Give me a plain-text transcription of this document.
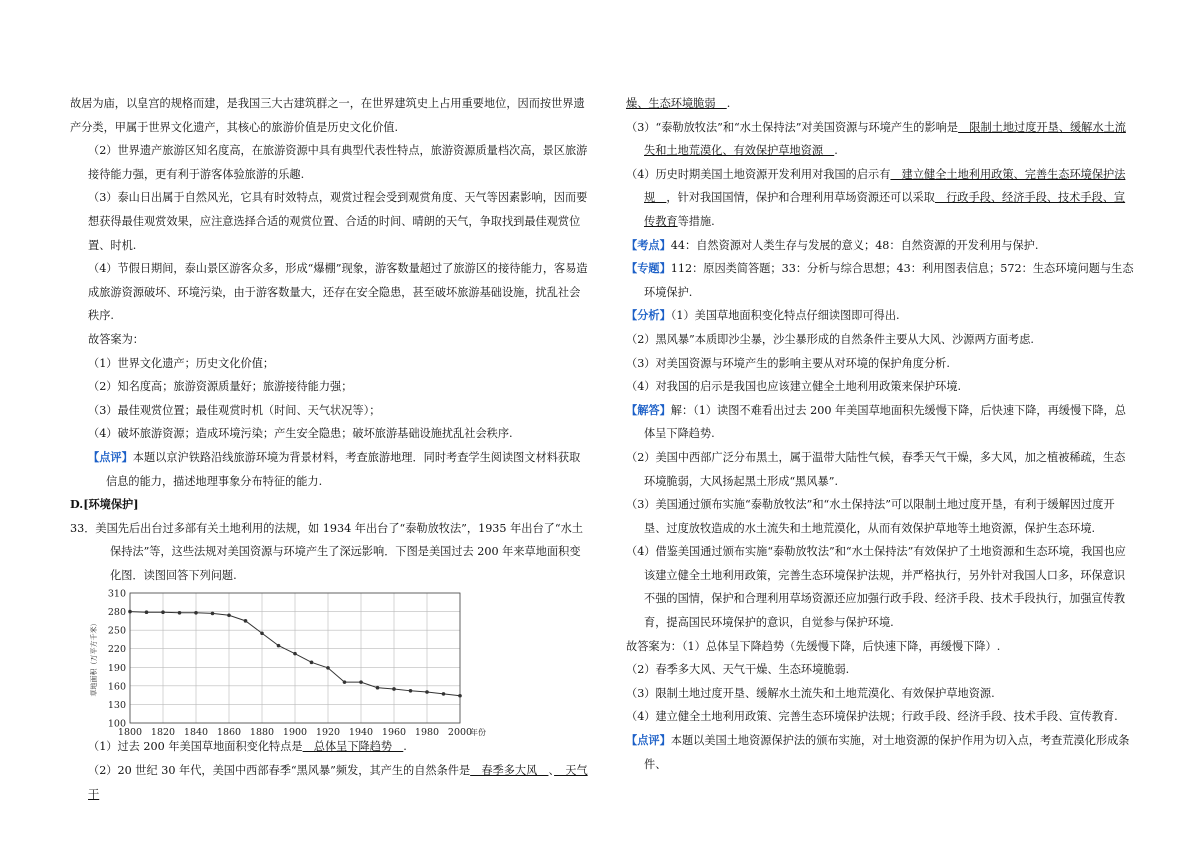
故居为庙，以皇宫的规格而建，是我国三大古建筑群之一，在世界建筑史上占用重要地位，因而按世界遗产分类，甲属于世界文化遗产，其核心的旅游价值是历史文化价值.

（2）世界遗产旅游区知名度高，在旅游资源中具有典型代表性特点，旅游资源质量档次高，景区旅游接待能力强，更有利于游客体验旅游的乐趣.

（3）泰山日出属于自然风光，它具有时效特点，观赏过程会受到观赏角度、天气等因素影响，因而要想获得最佳观赏效果，应注意选择合适的观赏位置、合适的时间、晴朗的天气，争取找到最佳观赏位置、时机.

（4）节假日期间，泰山景区游客众多，形成“爆棚”现象，游客数量超过了旅游区的接待能力，客易造成旅游资源破坏、环境污染，由于游客数量大，还存在安全隐患，甚至破坏旅游基础设施，扰乱社会秩序.

故答案为：

（1）世界文化遗产；历史文化价值；

（2）知名度高；旅游资源质量好；旅游接待能力强；

（3）最佳观赏位置；最佳观赏时机（时间、天气状况等）；

（4）破坏旅游资源；造成环境污染；产生安全隐患；破坏旅游基础设施扰乱社会秩序.

【点评】本题以京沪铁路沿线旅游环境为背景材料，考查旅游地理．同时考查学生阅读图文材料获取信息的能力，描述地理事象分布特征的能力.

D.[环境保护]

33．美国先后出台过多部有关土地利用的法规，如 1934 年出台了“泰勒放牧法”，1935 年出台了“水土保持法”等，这些法规对美国资源与环境产生了深远影响．下图是美国过去 200 年来草地面积变化图．读图回答下列问题.

100
130
160
190
220
250
280
310
1800 1820 1840 1860 1880 1900 1920 1940 1960 1980 2000
年份
草地面积（万平方千米）

（1）过去 200 年美国草地面积变化特点是　总体呈下降趋势　.

（2）20 世纪 30 年代，美国中西部春季“黑风暴”频发，其产生的自然条件是　春季多大风　、　天气干

燥、生态环境脆弱　.

（3）“泰勒放牧法”和“水土保持法”对美国资源与环境产生的影响是　限制土地过度开垦、缓解水土流失和土地荒漠化、有效保护草地资源　.

（4）历史时期美国土地资源开发利用对我国的启示有　建立健全土地利用政策、完善生态环境保护法规　，针对我国国情，保护和合理利用草场资源还可以采取　行政手段、经济手段、技术手段、宣传教育等措施.

【考点】44：自然资源对人类生存与发展的意义；48：自然资源的开发利用与保护.

【专题】112：原因类简答题；33：分析与综合思想；43：利用图表信息；572：生态环境问题与生态环境保护.

【分析】（1）美国草地面积变化特点仔细读图即可得出.

（2）黑风暴”本质即沙尘暴，沙尘暴形成的自然条件主要从大风、沙源两方面考虑.

（3）对美国资源与环境产生的影响主要从对环境的保护角度分析.

（4）对我国的启示是我国也应该建立健全土地利用政策来保护环境.

【解答】解：（1）读图不难看出过去 200 年美国草地面积先缓慢下降，后快速下降，再缓慢下降，总体呈下降趋势.

（2）美国中西部广泛分布黑土，属于温带大陆性气候，春季天气干燥，多大风，加之植被稀疏，生态环境脆弱，大风扬起黑土形成“黑风暴”.

（3）美国通过颁布实施“泰勒放牧法”和“水土保持法”可以限制土地过度开垦，有利于缓解因过度开垦、过度放牧造成的水土流失和土地荒漠化，从而有效保护草地等土地资源，保护生态环境.

（4）借鉴美国通过颁布实施“泰勒放牧法”和“水土保持法”有效保护了土地资源和生态环境，我国也应该建立健全土地利用政策，完善生态环境保护法规，并严格执行，另外针对我国人口多，环保意识不强的国情，保护和合理利用草场资源还应加强行政手段、经济手段、技术手段执行，加强宣传教育，提高国民环境保护的意识，自觉参与保护环境.

故答案为：（1）总体呈下降趋势（先缓慢下降，后快速下降，再缓慢下降）.

（2）春季多大风、天气干燥、生态环境脆弱.

（3）限制土地过度开垦、缓解水土流失和土地荒漠化、有效保护草地资源.

（4）建立健全土地利用政策、完善生态环境保护法规；行政手段、经济手段、技术手段、宣传教育.

【点评】本题以美国土地资源保护法的颁布实施，对土地资源的保护作用为切入点，考查荒漠化形成条件、
